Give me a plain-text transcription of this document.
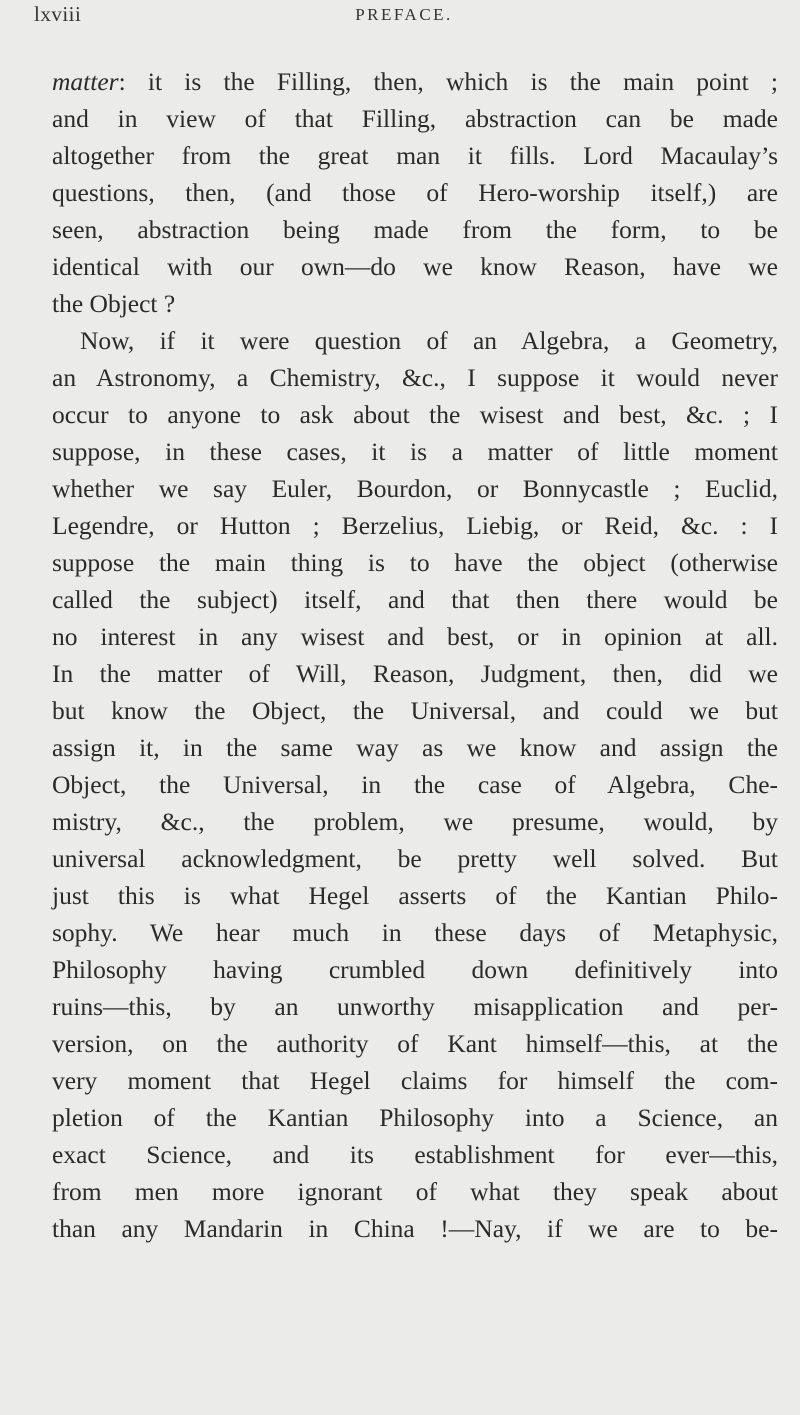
lxviii	PREFACE.
matter: it is the Filling, then, which is the main point ;
and in view of that Filling, abstraction can be made
altogether from the great man it fills. Lord Macaulay’s
questions, then, (and those of Hero-worship itself,) are
seen, abstraction being made from the form, to be
identical with our own—do we know Reason, have we
the Object ?
Now, if it were question of an Algebra, a Geometry,
an Astronomy, a Chemistry, &c., I suppose it would never
occur to anyone to ask about the wisest and best, &c. ; I
suppose, in these cases, it is a matter of little moment
whether we say Euler, Bourdon, or Bonnycastle ; Euclid,
Legendre, or Hutton ; Berzelius, Liebig, or Reid, &c. : I
suppose the main thing is to have the object (otherwise
called the subject) itself, and that then there would be
no interest in any wisest and best, or in opinion at all.
In the matter of Will, Reason, Judgment, then, did we
but know the Object, the Universal, and could we but
assign it, in the same way as we know and assign the
Object, the Universal, in the case of Algebra, Che-
mistry, &c., the problem, we presume, would, by
universal acknowledgment, be pretty well solved. But
just this is what Hegel asserts of the Kantian Philo-
sophy. We hear much in these days of Metaphysic,
Philosophy having crumbled down definitively into
ruins—this, by an unworthy misapplication and per-
version, on the authority of Kant himself—this, at the
very moment that Hegel claims for himself the com-
pletion of the Kantian Philosophy into a Science, an
exact Science, and its establishment for ever—this,
from men more ignorant of what they speak about
than any Mandarin in China !—Nay, if we are to be-
